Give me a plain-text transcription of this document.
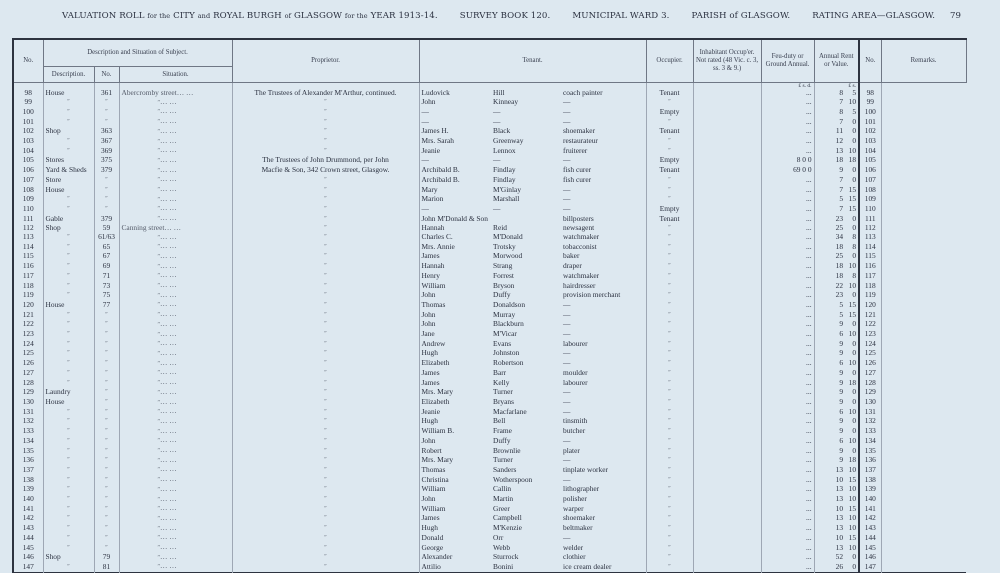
VALUATION ROLL for the CITY and ROYAL BURGH of GLASGOW for the YEAR 1913-14.	SURVEY BOOK 120.	MUNICIPAL WARD 3.	PARISH of GLASGOW.	RATING AREA—GLASGOW. 79
No.	Description and Situation of Subject.			Proprietor.	Tenant.			Occupier.	Inhabitant Occup'er. Not rated (48 Vic. c. 3, ss. 3 & 9.)	Feu-duty or Ground Annual.	Annual Rent or Value.	No.	Remarks.
	Description.	No.	Situation.										
										£ s. d.	£ s.		
98	House	361	Abercromby street… …	The Trustees of Alexander M'Arthur, continued.	Ludovick	Hill	coach painter	Tenant		...	8 5	98	
99	″	″	″… …	″	John	Kinneay	—	″		...	7 10	99	
100	″	″	″… …	″	—	—	—	Empty		...	8 5	100	
101	″	″	″… …	″	—	—	—	″		...	7 0	101	
102	Shop	363	″… …	″	James H.	Black	shoemaker	Tenant		...	11 0	102	
103	″	367	″… …	″	Mrs. Sarah	Greenway	restaurateur	″		...	12 0	103	
104	″	369	″… …	″	Jeanie	Lennox	fruiterer	″		...	13 10	104	
105	Stores	375	″… …	The Trustees of John Drummond, per John	—	—	—	Empty		8 0 0	18 18	105	
106	Yard & Sheds	379	″… …	Macfie & Son, 342 Crown street, Glasgow.	Archibald B.	Findlay	fish curer	Tenant		69 0 0	9 0	106	
107	Store	″	″… …	″	Archibald B.	Findlay	fish curer	″		...	7 0	107	
108	House	″	″… …	″	Mary	M'Ginlay	—	″		...	7 15	108	
109	″	″	″… …	″	Marion	Marshall	—	″		...	5 15	109	
110	″	″	″… …	″	—	—	—	Empty		...	7 15	110	
111	Gable	379	″… …	″	John M'Donald & Son		billposters	Tenant		...	23 0	111	
112	Shop	59	Canning street… …	″	Hannah	Reid	newsagent	″		...	25 0	112	
113	″	61/63	″… …	″	Charles C.	M'Donald	watchmaker	″		...	34 8	113	
114	″	65	″… …	″	Mrs. Annie	Trotsky	tobacconist	″		...	18 8	114	
115	″	67	″… …	″	James	Morwood	baker	″		...	25 0	115	
116	″	69	″… …	″	Hannah	Strang	draper	″		...	18 10	116	
117	″	71	″… …	″	Henry	Forrest	watchmaker	″		...	18 8	117	
118	″	73	″… …	″	William	Bryson	hairdresser	″		...	22 10	118	
119	″	75	″… …	″	John	Duffy	provision merchant	″		...	23 0	119	
120	House	77	″… …	″	Thomas	Donaldson	—	″		...	5 15	120	
121	″	″	″… …	″	John	Murray	—	″		...	5 15	121	
122	″	″	″… …	″	John	Blackburn	—	″		...	9 0	122	
123	″	″	″… …	″	Jane	M'Vicar	—	″		...	6 10	123	
124	″	″	″… …	″	Andrew	Evans	labourer	″		...	9 0	124	
125	″	″	″… …	″	Hugh	Johnston	—	″		...	9 0	125	
126	″	″	″… …	″	Elizabeth	Robertson	—	″		...	6 10	126	
127	″	″	″… …	″	James	Barr	moulder	″		...	9 0	127	
128	″	″	″… …	″	James	Kelly	labourer	″		...	9 18	128	
129	Laundry	″	″… …	″	Mrs. Mary	Turner	—	″		...	9 0	129	
130	House	″	″… …	″	Elizabeth	Bryans	—	″		...	9 0	130	
131	″	″	″… …	″	Jeanie	Macfarlane	—	″		...	6 10	131	
132	″	″	″… …	″	Hugh	Bell	tinsmith	″		...	9 0	132	
133	″	″	″… …	″	William B.	Frame	butcher	″		...	9 0	133	
134	″	″	″… …	″	John	Duffy	—	″		...	6 10	134	
135	″	″	″… …	″	Robert	Brownlie	plater	″		...	9 0	135	
136	″	″	″… …	″	Mrs. Mary	Turner	—	″		...	9 18	136	
137	″	″	″… …	″	Thomas	Sanders	tinplate worker	″		...	13 10	137	
138	″	″	″… …	″	Christina	Wotherspoon	—	″		...	10 15	138	
139	″	″	″… …	″	William	Callin	lithographer	″		...	13 10	139	
140	″	″	″… …	″	John	Martin	polisher	″		...	13 10	140	
141	″	″	″… …	″	William	Greer	warper	″		...	10 15	141	
142	″	″	″… …	″	James	Campbell	shoemaker	″		...	13 10	142	
143	″	″	″… …	″	Hugh	M'Kenzie	beltmaker	″		...	13 10	143	
144	″	″	″… …	″	Donald	Orr	—	″		...	10 15	144	
145	″	″	″… …	″	George	Webb	welder	″		...	13 10	145	
146	Shop	79	″… …	″	Alexander	Sturrock	clothier	″		...	52 0	146	
147	″	81	″… …	″	Attilio	Bonini	ice cream dealer	″		...	26 0	147	
